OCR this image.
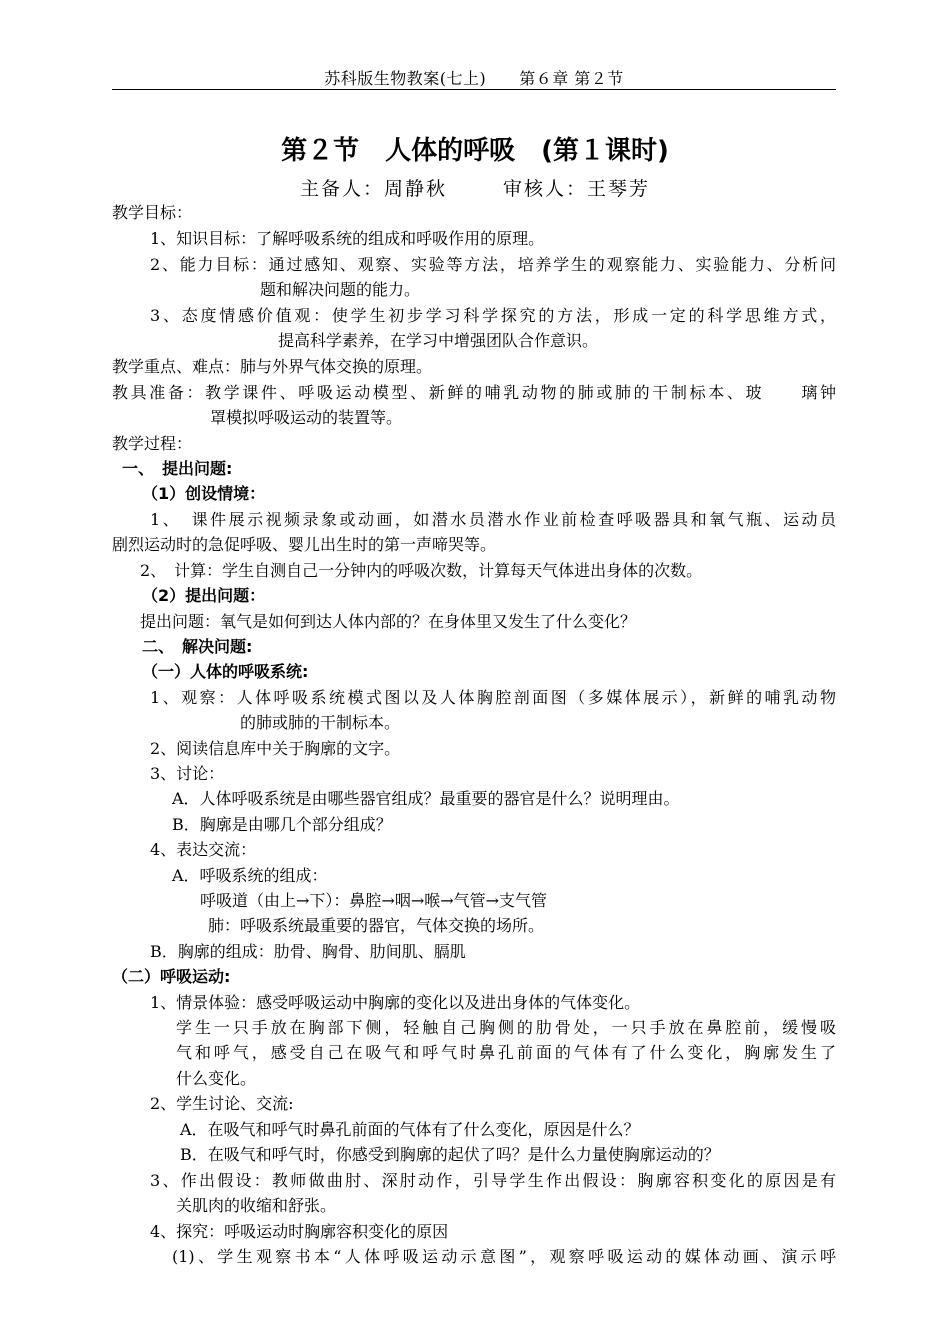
苏科版生物教案(七上)　　第６章 第２节
第２节　人体的呼吸　(第１课时)
主备人：周静秋	审核人：王琴芳
教学目标：
1、知识目标：了解呼吸系统的组成和呼吸作用的原理。
2、能力目标：通过感知、观察、实验等方法，培养学生的观察能力、实验能力、分析问
题和解决问题的能力。
3、态度情感价值观：使学生初步学习科学探究的方法，形成一定的科学思维方式，
提高科学素养，在学习中增强团队合作意识。
教学重点、难点：肺与外界气体交换的原理。
教具准备：教学课件、呼吸运动模型、新鲜的哺乳动物的肺或肺的干制标本、玻　　璃钟
罩模拟呼吸运动的装置等。
教学过程：
一、　提出问题:
（1）创设情境：
1、　课件展示视频录象或动画，如潜水员潜水作业前检查呼吸器具和氧气瓶、运动员
剧烈运动时的急促呼吸、婴儿出生时的第一声啼哭等。
2、　计算：学生自测自己一分钟内的呼吸次数，计算每天气体进出身体的次数。
（2）提出问题：
提出问题：氧气是如何到达人体内部的？在身体里又发生了什么变化？
二、　解决问题:
（一）人体的呼吸系统:
1、观察：人体呼吸系统模式图以及人体胸腔剖面图（多媒体展示），新鲜的哺乳动物
的肺或肺的干制标本。
2、阅读信息库中关于胸廓的文字。
3、讨论：
A．人体呼吸系统是由哪些器官组成？最重要的器官是什么？说明理由。
B．胸廓是由哪几个部分组成？
4、表达交流：
A．呼吸系统的组成：
呼吸道（由上→下）：鼻腔→咽→喉→气管→支气管
肺：呼吸系统最重要的器官，气体交换的场所。
B．胸廓的组成：肋骨、胸骨、肋间肌、膈肌
（二）呼吸运动:
1、情景体验：感受呼吸运动中胸廓的变化以及进出身体的气体变化。
学生一只手放在胸部下侧，轻触自己胸侧的肋骨处，一只手放在鼻腔前，缓慢吸
气和呼气，感受自己在吸气和呼气时鼻孔前面的气体有了什么变化，胸廓发生了
什么变化。
2、学生讨论、交流:
A．在吸气和呼气时鼻孔前面的气体有了什么变化，原因是什么？
B．在吸气和呼气时，你感受到胸廓的起伏了吗？是什么力量使胸廓运动的？
3、作出假设：教师做曲肘、深肘动作，引导学生作出假设：胸廓容积变化的原因是有
关肌肉的收缩和舒张。
4、探究：呼吸运动时胸廓容积变化的原因
(1)、学生观察书本“人体呼吸运动示意图”，观察呼吸运动的媒体动画、演示呼
